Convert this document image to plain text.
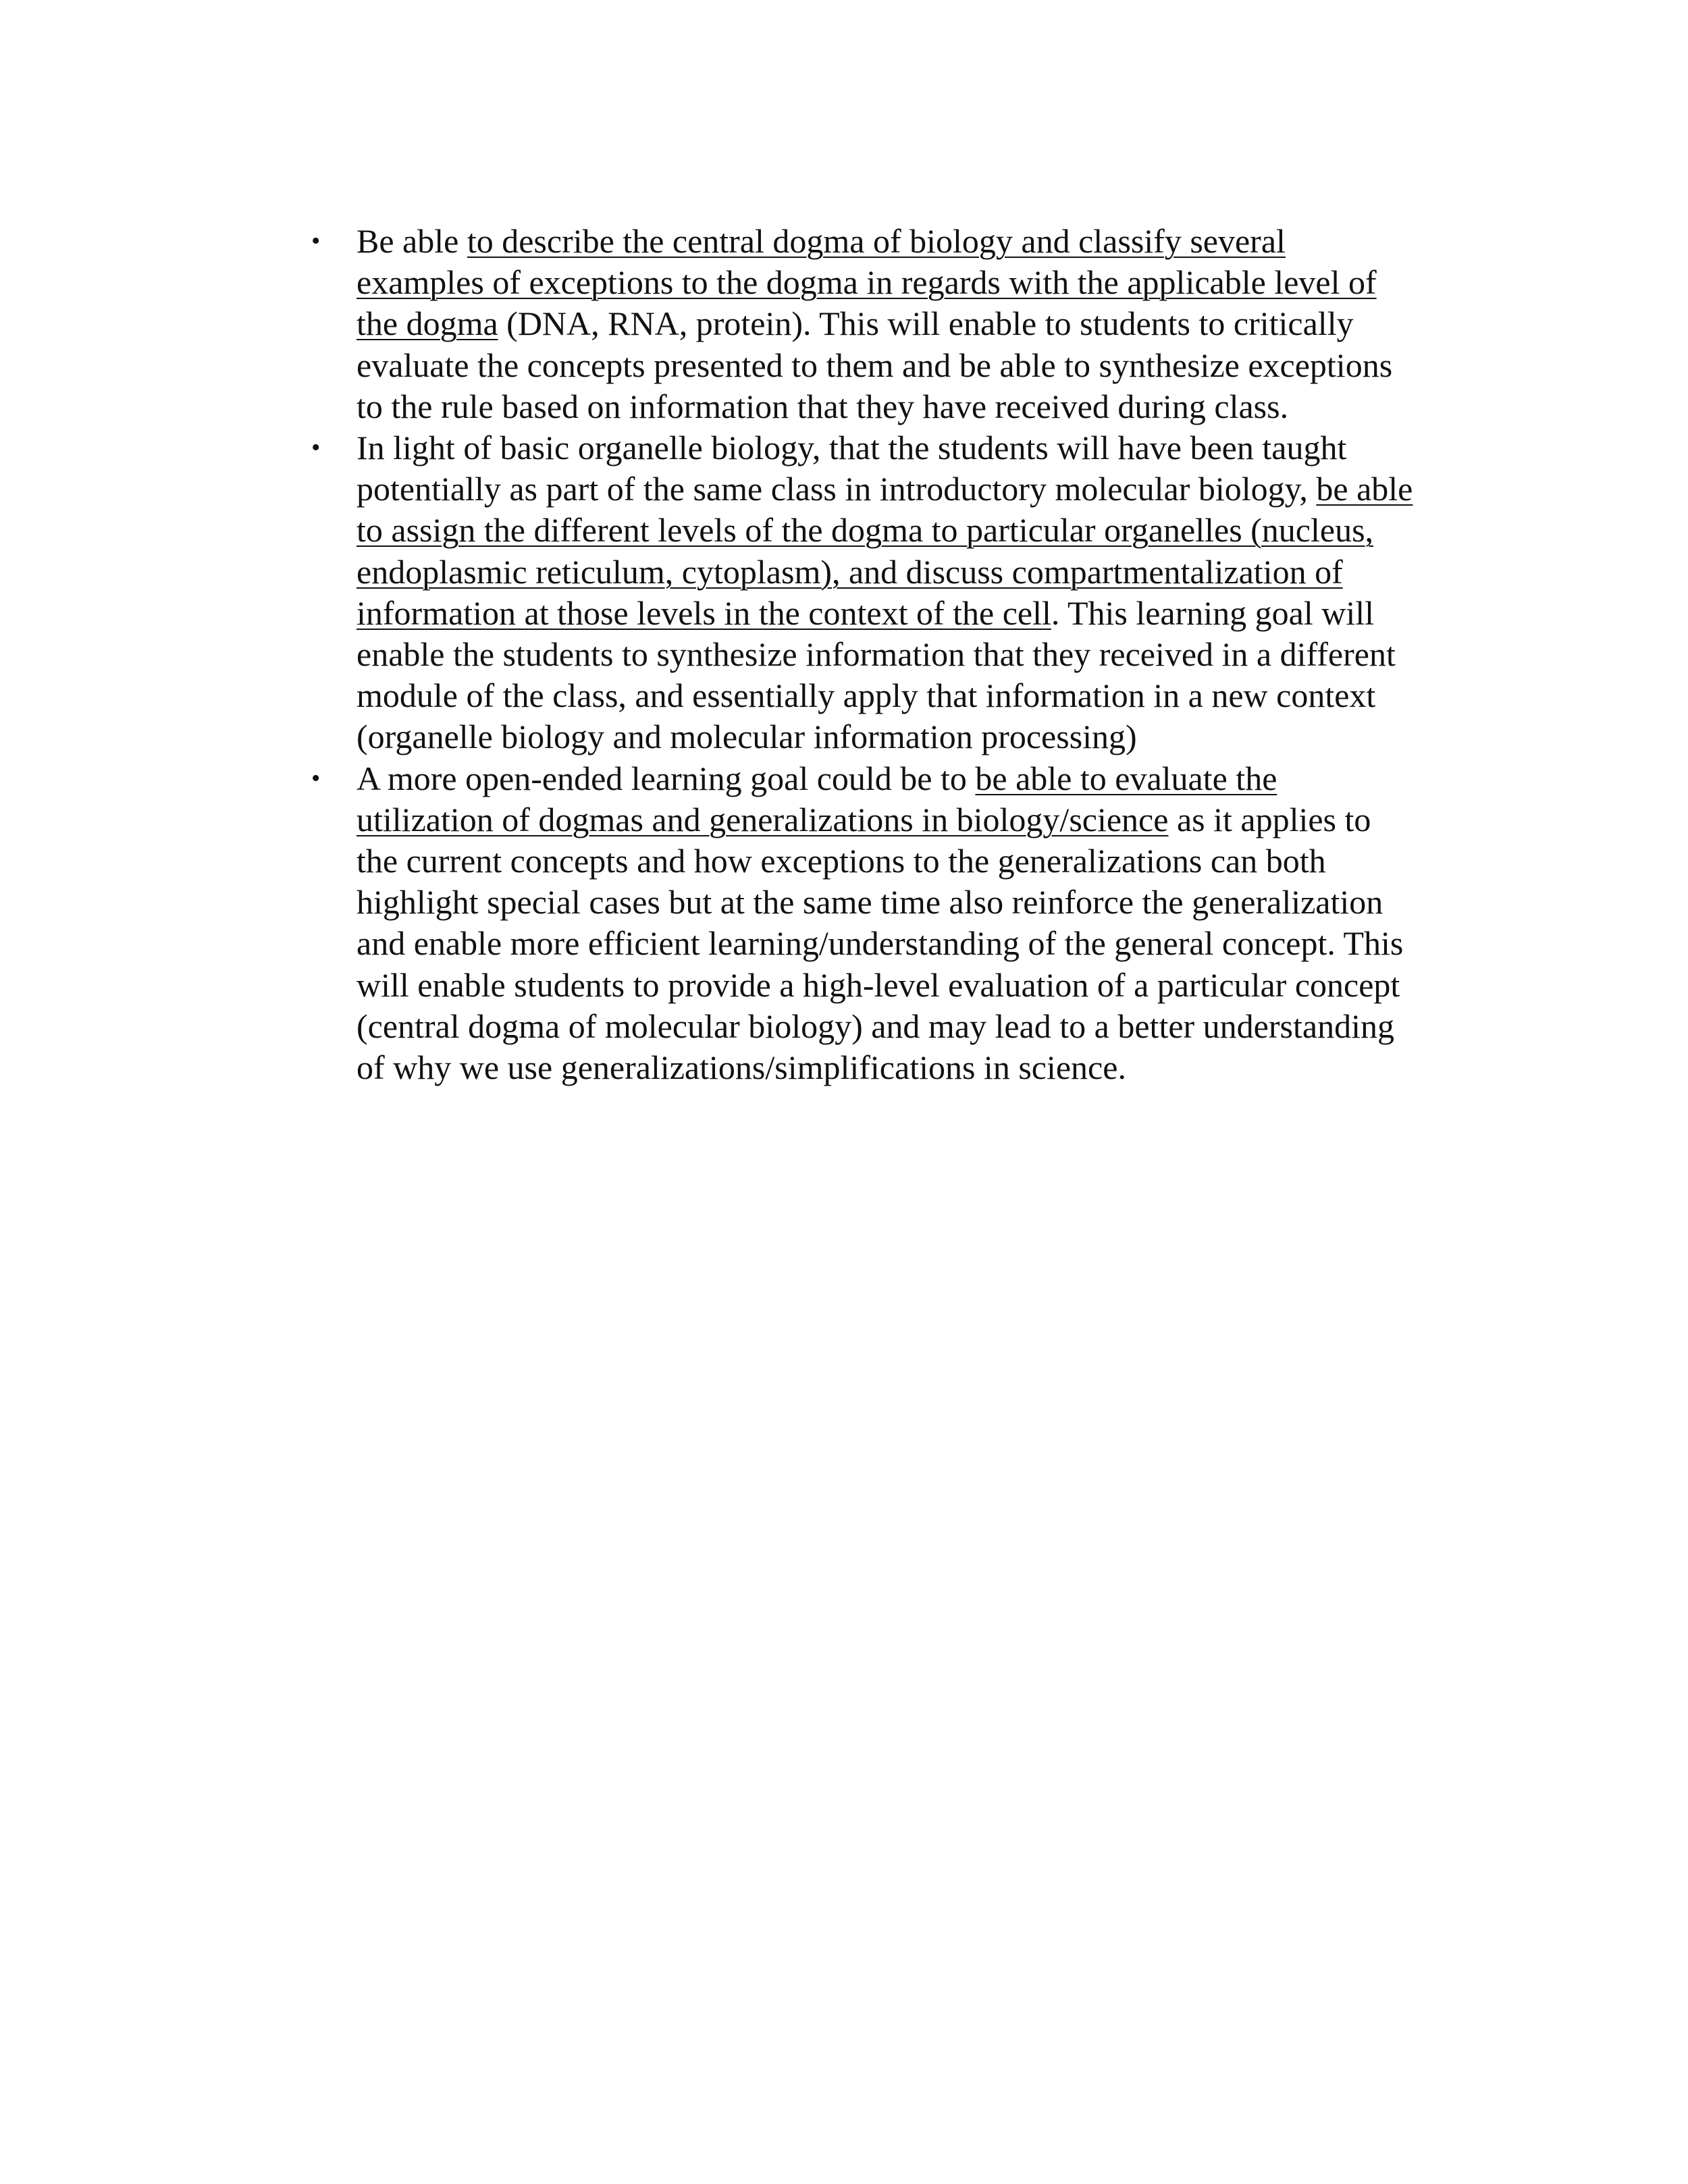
• Be able to describe the central dogma of biology and classify several examples of exceptions to the dogma in regards with the applicable level of the dogma (DNA, RNA, protein). This will enable to students to critically evaluate the concepts presented to them and be able to synthesize exceptions to the rule based on information that they have received during class.
• In light of basic organelle biology, that the students will have been taught potentially as part of the same class in introductory molecular biology, be able to assign the different levels of the dogma to particular organelles (nucleus, endoplasmic reticulum, cytoplasm), and discuss compartmentalization of information at those levels in the context of the cell. This learning goal will enable the students to synthesize information that they received in a different module of the class, and essentially apply that information in a new context (organelle biology and molecular information processing)
• A more open-ended learning goal could be to be able to evaluate the utilization of dogmas and generalizations in biology/science as it applies to the current concepts and how exceptions to the generalizations can both highlight special cases but at the same time also reinforce the generalization and enable more efficient learning/understanding of the general concept. This will enable students to provide a high-level evaluation of a particular concept (central dogma of molecular biology) and may lead to a better understanding of why we use generalizations/simplifications in science.
